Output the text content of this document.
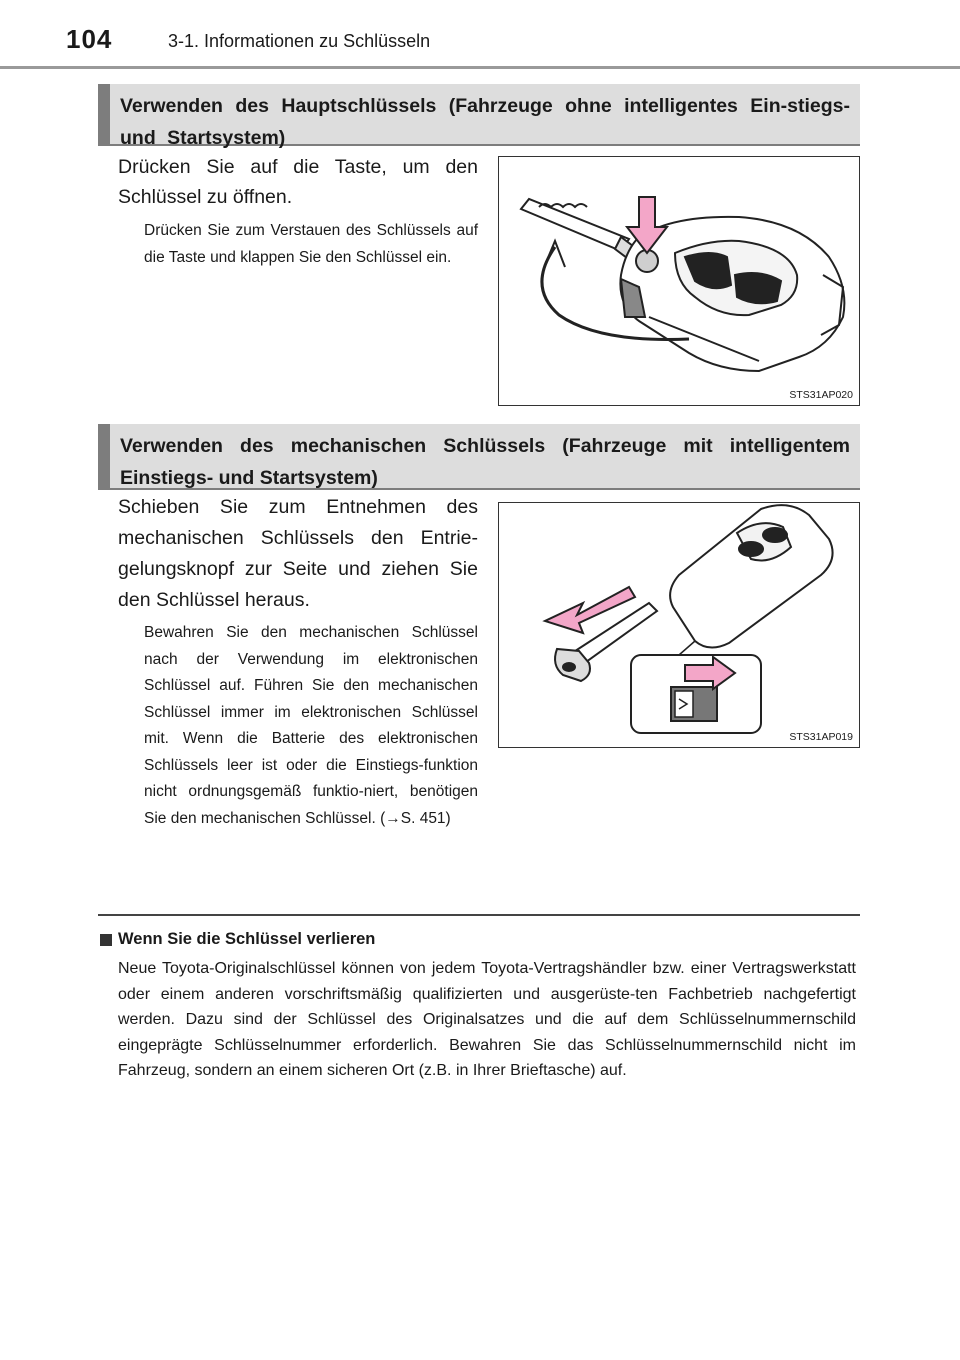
104	3-1. Informationen zu Schlüsseln
Verwenden des Hauptschlüssels (Fahrzeuge ohne intelligentes Ein-stiegs- und Startsystem)

Drücken Sie auf die Taste, um den Schlüssel zu öffnen.

Drücken Sie zum Verstauen des Schlüssels auf die Taste und klappen Sie den Schlüssel ein.

STS31AP020
Verwenden des mechanischen Schlüssels (Fahrzeuge mit intelligentem Einstiegs- und Startsystem)

Schieben Sie zum Entnehmen des mechanischen Schlüssels den Entrie-gelungsknopf zur Seite und ziehen Sie den Schlüssel heraus.

Bewahren Sie den mechanischen Schlüssel nach der Verwendung im elektronischen Schlüssel auf. Führen Sie den mechanischen Schlüssel immer im elektronischen Schlüssel mit. Wenn die Batterie des elektronischen Schlüssels leer ist oder die Einstiegs-funktion nicht ordnungsgemäß funktio-niert, benötigen Sie den mechanischen Schlüssel. (→S. 451)

STS31AP019
Wenn Sie die Schlüssel verlieren

Neue Toyota-Originalschlüssel können von jedem Toyota-Vertragshändler bzw. einer Vertragswerkstatt oder einem anderen vorschriftsmäßig qualifizierten und ausgerüste-ten Fachbetrieb nachgefertigt werden. Dazu sind der Schlüssel des Originalsatzes und die auf dem Schlüsselnummernschild eingeprägte Schlüsselnummer erforderlich. Bewahren Sie das Schlüsselnummernschild nicht im Fahrzeug, sondern an einem sicheren Ort (z.B. in Ihrer Brieftasche) auf.
